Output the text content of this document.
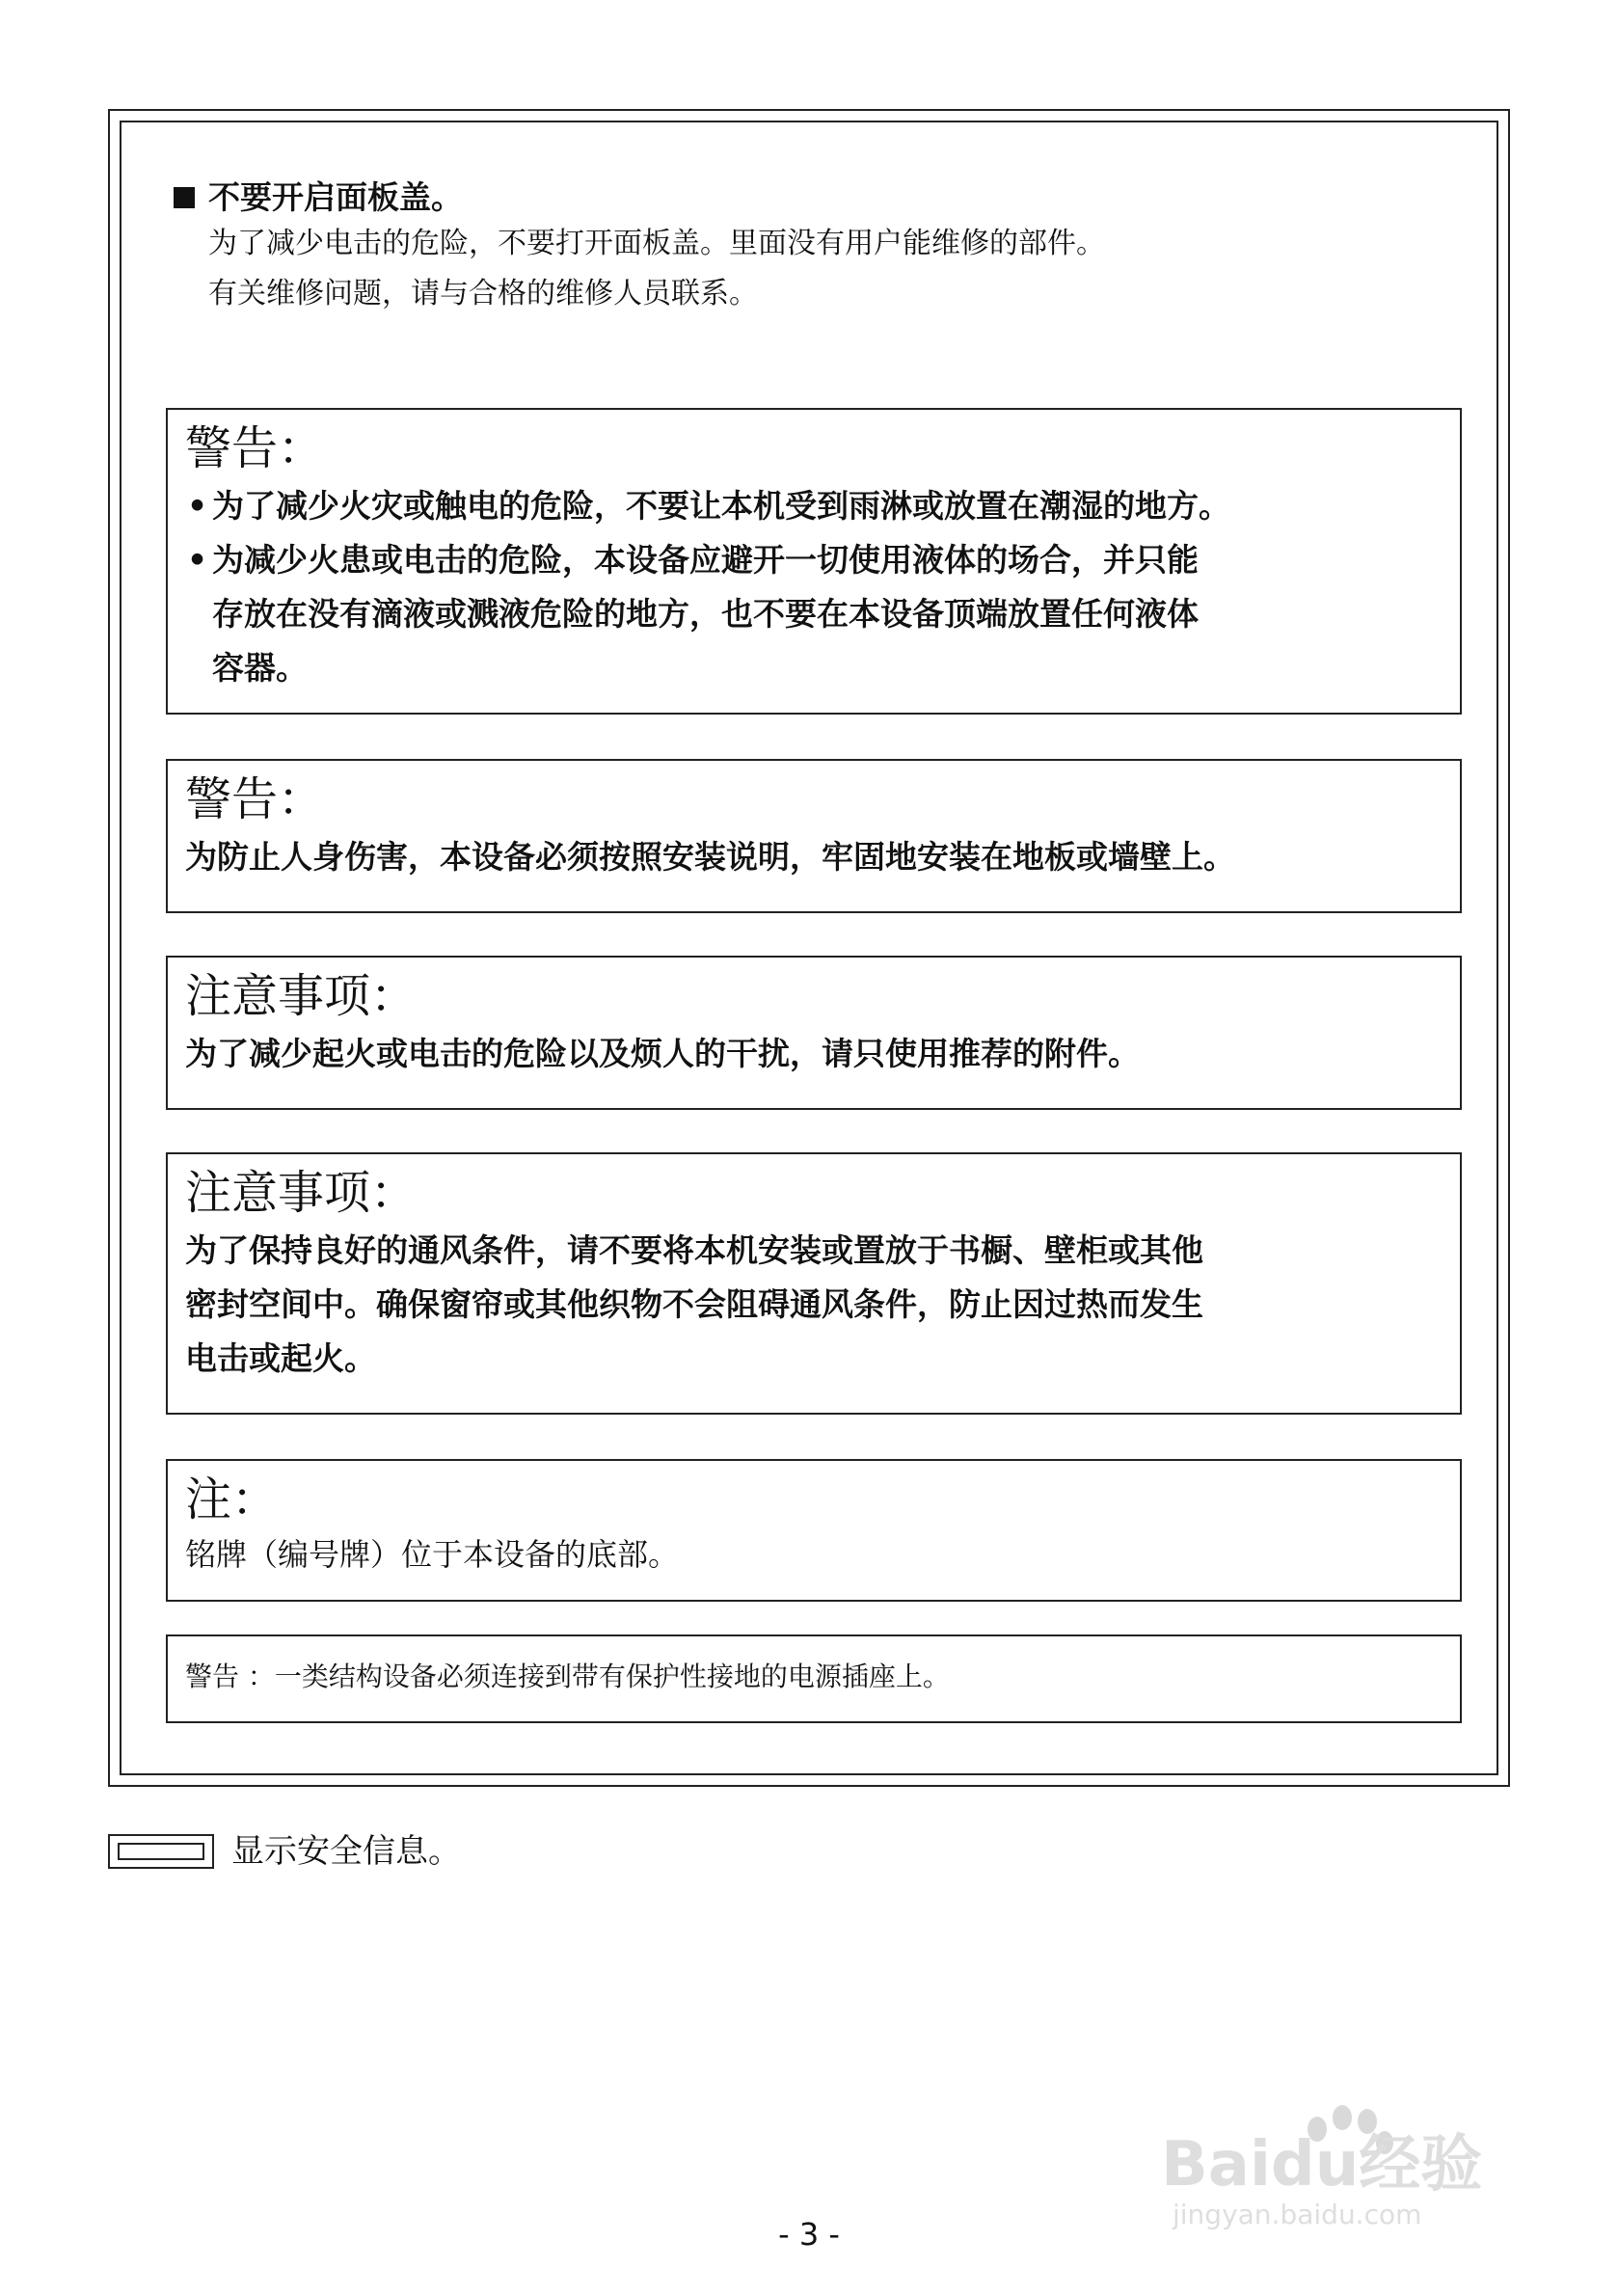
不要开启面板盖。
为了减少电击的危险，不要打开面板盖。里面没有用户能维修的部件。
有关维修问题，请与合格的维修人员联系。
警告：
• 为了减少火灾或触电的危险，不要让本机受到雨淋或放置在潮湿的地方。
• 为减少火患或电击的危险，本设备应避开一切使用液体的场合，并只能
存放在没有滴液或溅液危险的地方，也不要在本设备顶端放置任何液体
容器。
警告：
为防止人身伤害，本设备必须按照安装说明，牢固地安装在地板或墙壁上。
注意事项：
为了减少起火或电击的危险以及烦人的干扰，请只使用推荐的附件。
注意事项：
为了保持良好的通风条件，请不要将本机安装或置放于书橱、壁柜或其他
密封空间中。确保窗帘或其他织物不会阻碍通风条件，防止因过热而发生
电击或起火。
注：
铭牌（编号牌）位于本设备的底部。
警告 ：一类结构设备必须连接到带有保护性接地的电源插座上。
显示安全信息。
Baidu经验
jingyan.baidu.com
- 3 -
